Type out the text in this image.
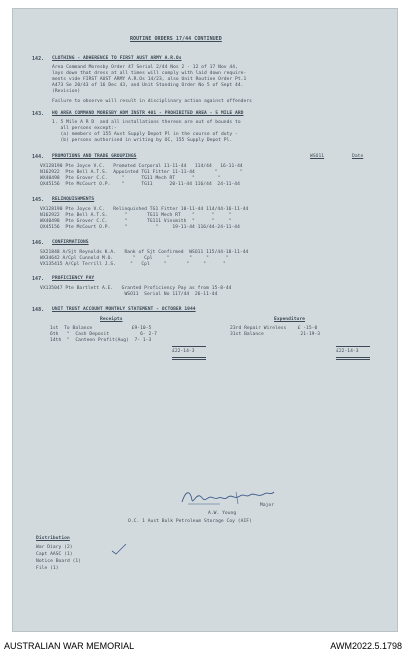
ROUTINE ORDERS 17/44 CONTINUED
142. CLOTHING - ADHERENCE TO FIRST AUST ARMY A.R.Os
Area Command Moresby Order 47 Serial 2/44 Nos 2 - 12 of 17 Nov 44,
lays down that dress at all times will comply with laid down require-
ments vide FIRST AUST ARMY A.R.Os 14/23, also Unit Routine Order Pt.1
A473 Se 20/43 of 16 Dec 43, and Unit Standing Order No 5 of Sept 44.
(Revision)
Failure to observe will result in disciplinary action against offenders
143. HQ AREA COMMAND MORESBY ADM INSTR 401 - PROHIBITED AREA - 5 MILE ARD
1. 5 Mile A R D  and all installations thereon are out of bounds to
all persons except:-
(a) members of 155 Aust Supply Depot Pl in the course of duty -
(b) persons authorised in writing by OC, 155 Supply Depot Pl.
144. PROMOTIONS AND TRADE GROUPINGS	WSO11	Date
VX128190 Pte Joyce V.C.   Promoted Corporal 11-11-44   114/44   16-11-44
N162922  Pte Bell A.T.S.  Appointed TG1 Fitter 11-11-44       "        "
WX40498  Pte Grover C.C.     "      TG11 Mech RT      "        "
QX45156  Pte McCourt O.P.    "      TG11      20-11-44 116/44  24-11-44
145. RELINQUISHMENTS
VX128190 Pte Joyce V.C.   Relinquished TG1 Fitter 10-11-44 114/44-16-11-44
N162922  Pte Bell A.T.S.      "       TG11 Mech RT    "      "     "
WX40498  Pte Grover C.C.      "       TG111 Vinsmith  "      "     "
QX45156  Pte McCourt O.P.     "          "     19-11-44 116/44-24-11-44
146. CONFIRMATIONS
SX21848 A/Sjt Reynolds K.A.   Rank of Sjt Confirmed  WSO11 115/44-18-11-44
WX34642 A/Cpl Cunnold M.O.       "   Cpl     "       "     "      "
VX135415 A/Cpl Terrill J.S.     "   Cpl     "       "     "      "
147. PROFICIENCY PAY
VX135047 Pte Bartlett A.E.   Granted Proficiency Pay as from 15-8-44
WSO11  Serial No 117/44  26-11-44
148. UNIT TRUST ACCOUNT MONTHLY STATEMENT - OCTOBER 1944
Receipts	Expenditure
1st  To Balance              £9-10-5
6th   "  Cash Deposit           6- 2-7
14th  "  Canteen Profit(Aug)  7- 1-3
23rd Repair Wireless    £ -15-0
31st Balance             21-19-3
£22-14-3	£22-14-3
Major
A.W. Young
O.C. 1 Aust Bulk Petroleum Storage Coy (AIF)
Distribution
War Diary (2)
Capt AASC (1)
Notice Board (1)
File (1)
AUSTRALIAN WAR MEMORIAL	AWM2022.5.1798
